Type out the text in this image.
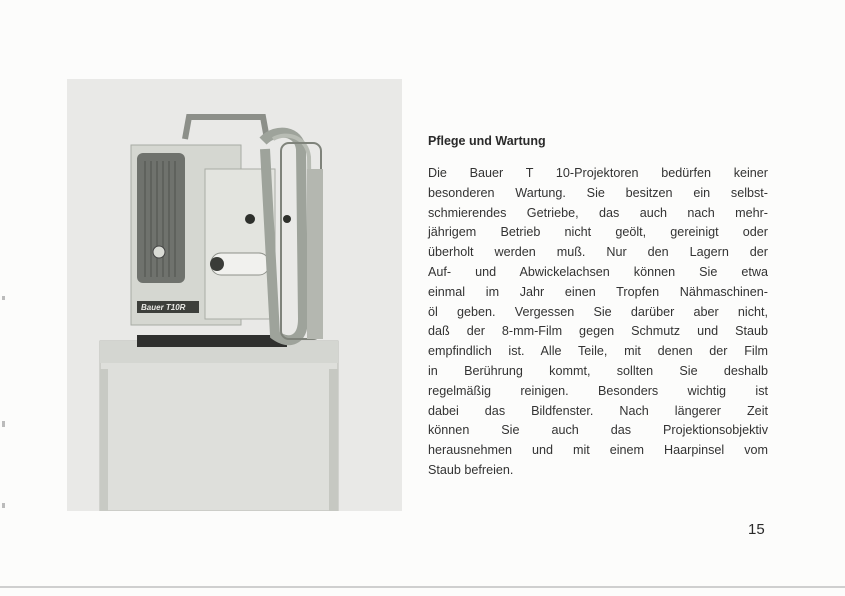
Bauer T10R
Pflege und Wartung
Die Bauer T 10-Projektoren bedürfen keiner
besonderen Wartung. Sie besitzen ein selbst-
schmierendes Getriebe, das auch nach mehr-
jährigem Betrieb nicht geölt, gereinigt oder
überholt werden muß. Nur den Lagern der
Auf- und Abwickelachsen können Sie etwa
einmal im Jahr einen Tropfen Nähmaschinen-
öl geben. Vergessen Sie darüber aber nicht,
daß der 8-mm-Film gegen Schmutz und Staub
empfindlich ist. Alle Teile, mit denen der Film
in Berührung kommt, sollten Sie deshalb
regelmäßig reinigen. Besonders wichtig ist
dabei das Bildfenster. Nach längerer Zeit
können Sie auch das Projektionsobjektiv
herausnehmen und mit einem Haarpinsel vom
Staub befreien.
15
